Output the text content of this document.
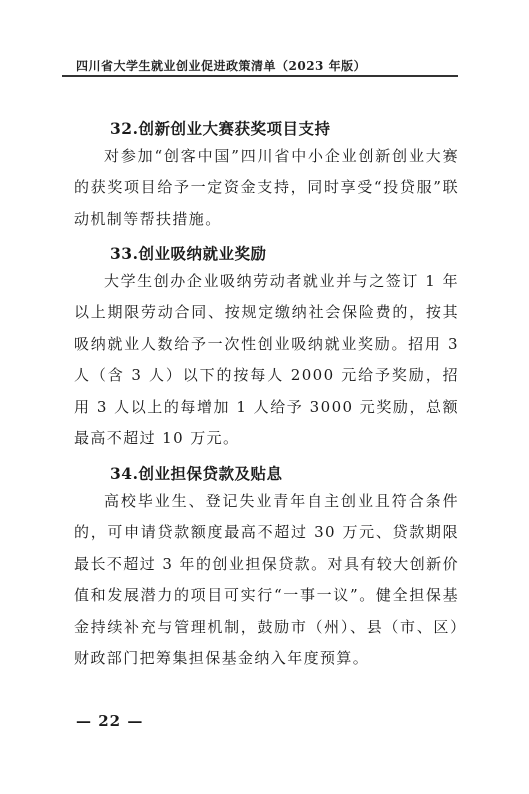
四川省大学生就业创业促进政策清单（2023 年版）
32.创新创业大赛获奖项目支持
对参加“创客中国”四川省中小企业创新创业大赛的获奖项目给予一定资金支持，同时享受“投贷服”联动机制等帮扶措施。
33.创业吸纳就业奖励
大学生创办企业吸纳劳动者就业并与之签订 1 年以上期限劳动合同、按规定缴纳社会保险费的，按其吸纳就业人数给予一次性创业吸纳就业奖励。招用 3 人（含 3 人）以下的按每人 2000 元给予奖励，招用 3 人以上的每增加 1 人给予 3000 元奖励，总额最高不超过 10 万元。
34.创业担保贷款及贴息
高校毕业生、登记失业青年自主创业且符合条件的，可申请贷款额度最高不超过 30 万元、贷款期限最长不超过 3 年的创业担保贷款。对具有较大创新价值和发展潜力的项目可实行“一事一议”。健全担保基金持续补充与管理机制，鼓励市（州）、县（市、区）财政部门把筹集担保基金纳入年度预算。
— 22 —
